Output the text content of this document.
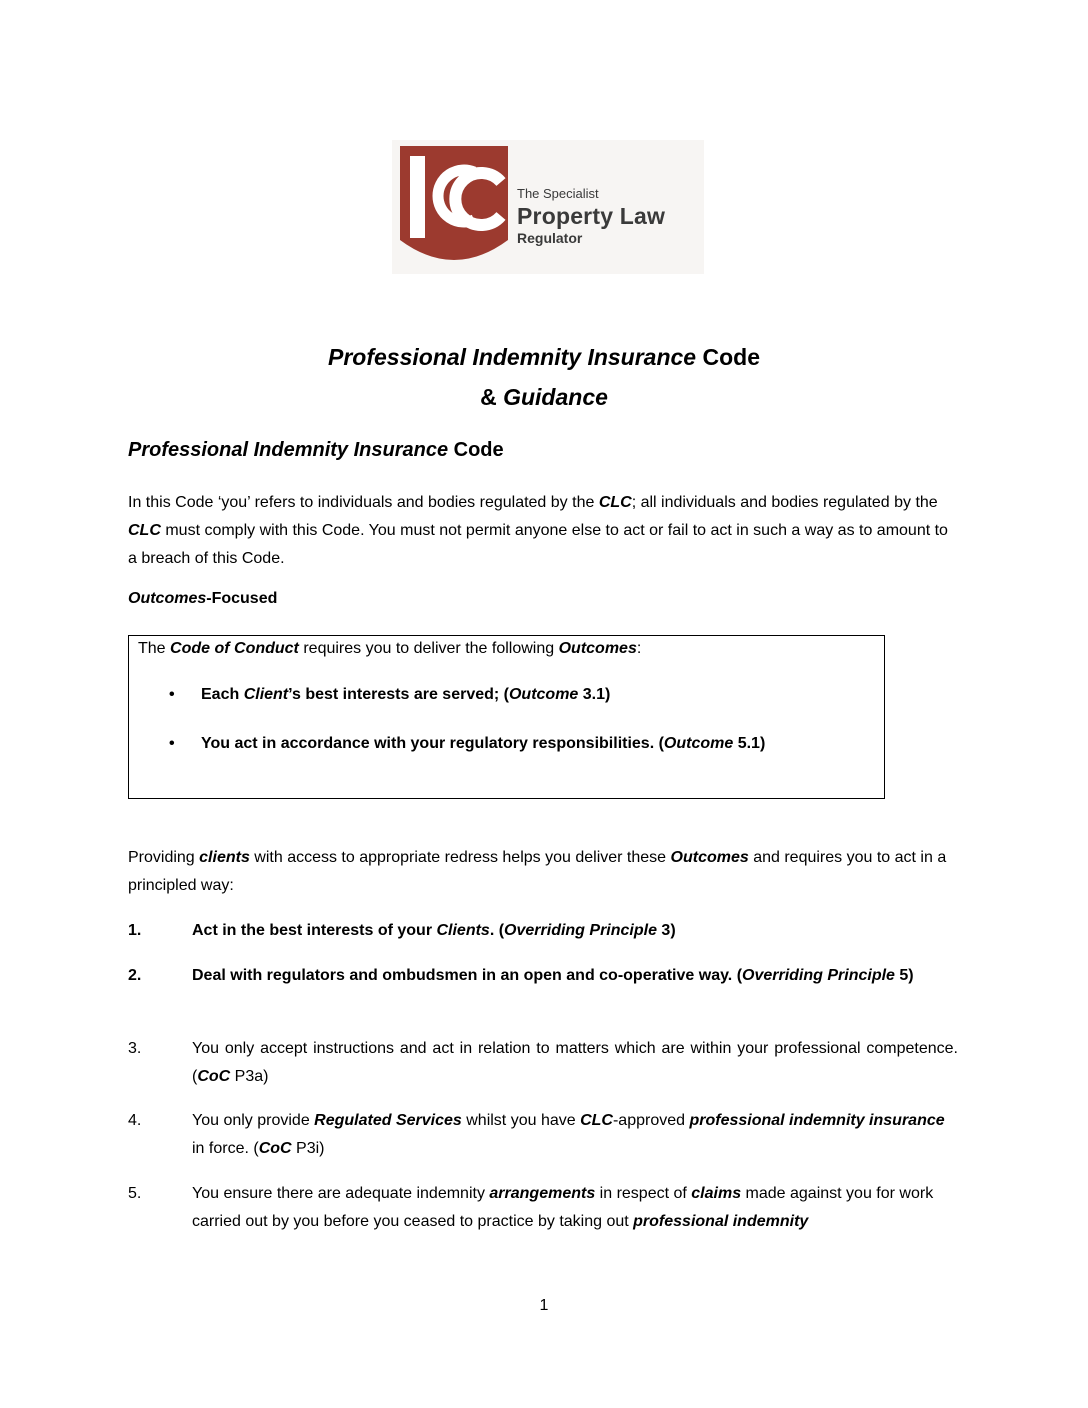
The Specialist
Property Law
Regulator
Professional Indemnity Insurance Code
& Guidance
Professional Indemnity Insurance Code
In this Code ‘you’ refers to individuals and bodies regulated by the CLC; all individuals and bodies regulated by the CLC must comply with this Code. You must not permit anyone else to act or fail to act in such a way as to amount to a breach of this Code.
Outcomes-Focused
The Code of Conduct requires you to deliver the following Outcomes:
• Each Client’s best interests are served; (Outcome 3.1)
• You act in accordance with your regulatory responsibilities. (Outcome 5.1)
Providing clients with access to appropriate redress helps you deliver these Outcomes and requires you to act in a principled way:
1.	Act in the best interests of your Clients. (Overriding Principle 3)
2.	Deal with regulators and ombudsmen in an open and co-operative way. (Overriding Principle 5)
3.	You only accept instructions and act in relation to matters which are within your professional competence. (CoC P3a)
4.	You only provide Regulated Services whilst you have CLC-approved professional indemnity insurance in force. (CoC P3i)
5.	You ensure there are adequate indemnity arrangements in respect of claims made against you for work carried out by you before you ceased to practice by taking out professional indemnity
1
